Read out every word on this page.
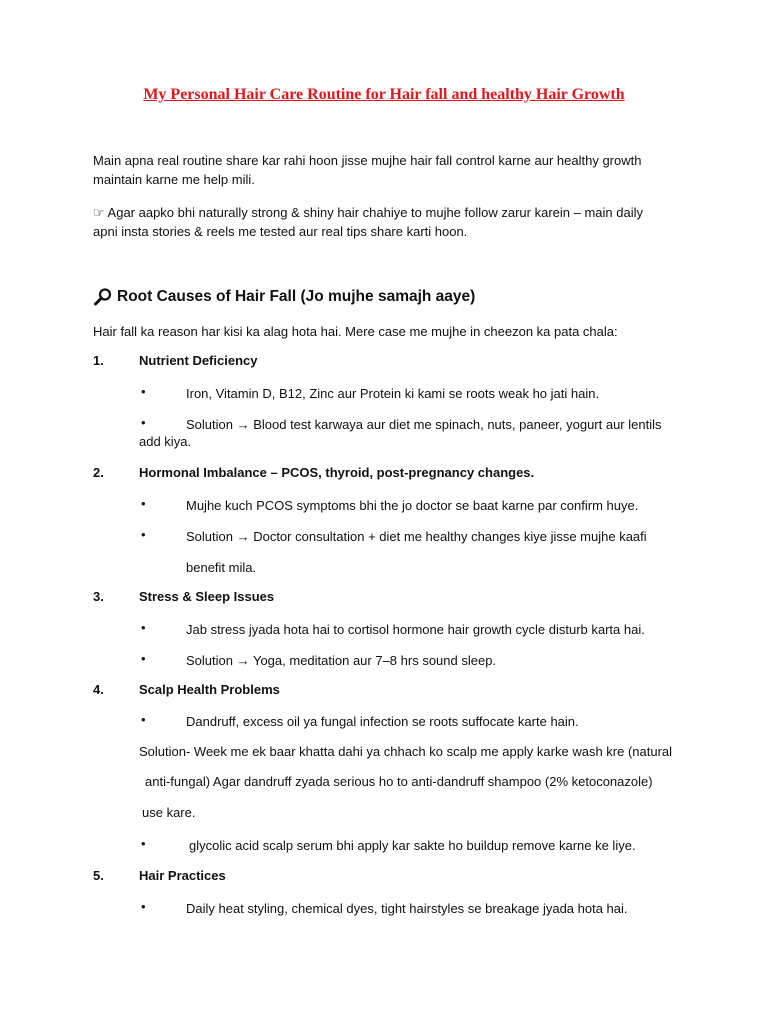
My Personal Hair Care Routine for Hair fall and healthy Hair Growth
Main apna real routine share kar rahi hoon jisse mujhe hair fall control karne aur healthy growth
maintain karne me help mili.
☞ Agar aapko bhi naturally strong & shiny hair chahiye to mujhe follow zarur karein – main daily
apni insta stories & reels me tested aur real tips share karti hoon.
Root Causes of Hair Fall (Jo mujhe samajh aaye)
Hair fall ka reason har kisi ka alag hota hai. Mere case me mujhe in cheezon ka pata chala:
1.	Nutrient Deficiency
•	Iron, Vitamin D, B12, Zinc aur Protein ki kami se roots weak ho jati hain.
•	Solution → Blood test karwaya aur diet me spinach, nuts, paneer, yogurt aur lentils
add kiya.
2.	Hormonal Imbalance – PCOS, thyroid, post-pregnancy changes.
•	Mujhe kuch PCOS symptoms bhi the jo doctor se baat karne par confirm huye.
•	Solution → Doctor consultation + diet me healthy changes kiye jisse mujhe kaafi
benefit mila.
3.	Stress & Sleep Issues
•	Jab stress jyada hota hai to cortisol hormone hair growth cycle disturb karta hai.
•	Solution → Yoga, meditation aur 7–8 hrs sound sleep.
4.	Scalp Health Problems
•	Dandruff, excess oil ya fungal infection se roots suffocate karte hain.
Solution- Week me ek baar khatta dahi ya chhach ko scalp me apply karke wash kre (natural
anti-fungal) Agar dandruff zyada serious ho to anti-dandruff shampoo (2% ketoconazole)
use kare.
•	glycolic acid scalp serum bhi apply kar sakte ho buildup remove karne ke liye.
5.	Hair Practices
•	Daily heat styling, chemical dyes, tight hairstyles se breakage jyada hota hai.
